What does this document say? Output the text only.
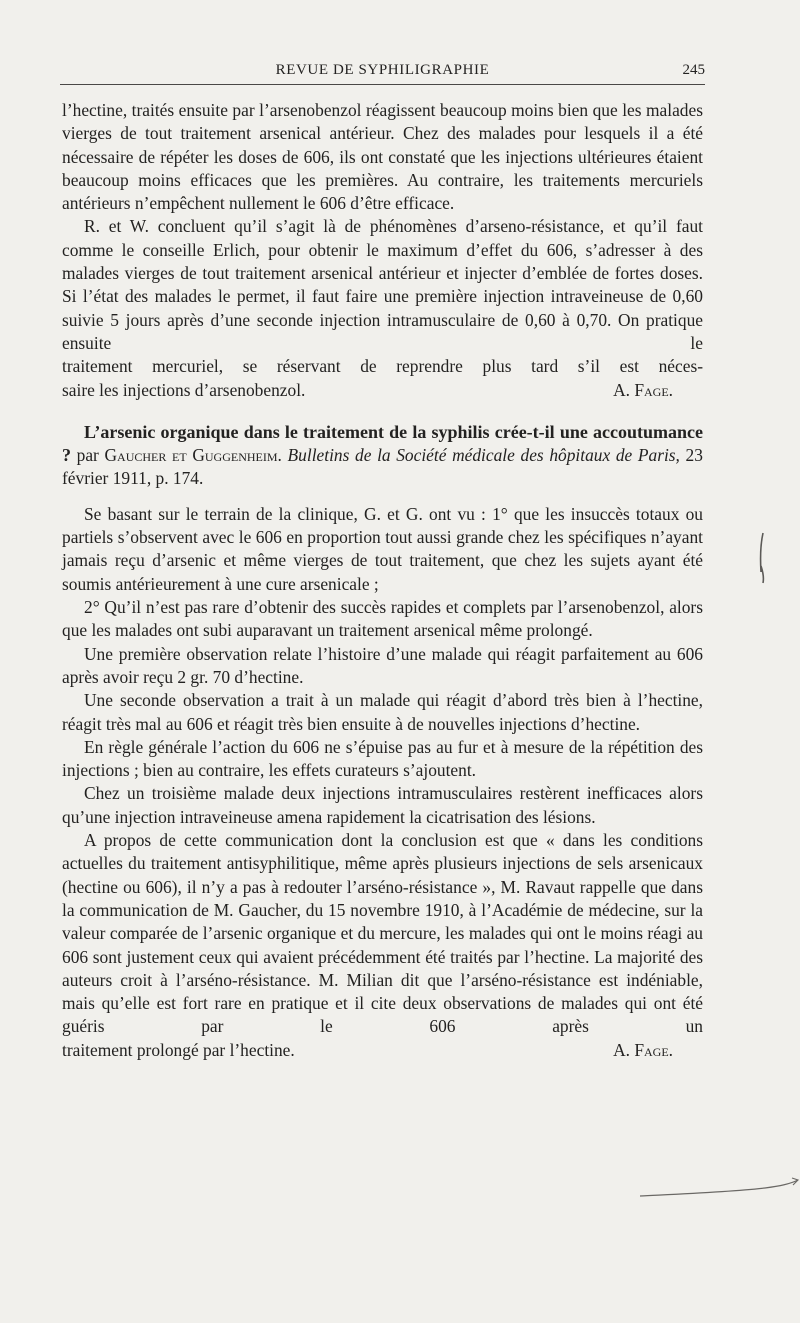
REVUE DE SYPHILIGRAPHIE	245

l’hectine, traités ensuite par l’arsenobenzol réagissent beaucoup moins bien que les malades vierges de tout traitement arsenical antérieur. Chez des malades pour lesquels il a été nécessaire de répéter les doses de 606, ils ont constaté que les injections ultérieures étaient beaucoup moins efficaces que les premières. Au contraire, les traitements mercuriels antérieurs n’empêchent nullement le 606 d’être efficace.

R. et W. concluent qu’il s’agit là de phénomènes d’arseno-résistance, et qu’il faut comme le conseille Erlich, pour obtenir le maximum d’effet du 606, s’adresser à des malades vierges de tout traitement arsenical antérieur et injecter d’emblée de fortes doses. Si l’état des malades le permet, il faut faire une première injection intraveineuse de 0,60 suivie 5 jours après d’une seconde injection intramusculaire de 0,60 à 0,70. On pratique ensuite le

traitement mercuriel, se réservant de reprendre plus tard s’il est néces-

saire les injections d’arsenobenzol.	A. Fage.
L’arsenic organique dans le traitement de la syphilis crée-t-il une accoutumance ? par Gaucher et Guggenheim. Bulletins de la Société médicale des hôpitaux de Paris, 23 février 1911, p. 174.

Se basant sur le terrain de la clinique, G. et G. ont vu : 1° que les insuccès totaux ou partiels s’observent avec le 606 en proportion tout aussi grande chez les spécifiques n’ayant jamais reçu d’arsenic et même vierges de tout traitement, que chez les sujets ayant été soumis antérieurement à une cure arsenicale ;

2° Qu’il n’est pas rare d’obtenir des succès rapides et complets par l’arsenobenzol, alors que les malades ont subi auparavant un traitement arsenical même prolongé.

Une première observation relate l’histoire d’une malade qui réagit parfaitement au 606 après avoir reçu 2 gr. 70 d’hectine.

Une seconde observation a trait à un malade qui réagit d’abord très bien à l’hectine, réagit très mal au 606 et réagit très bien ensuite à de nouvelles injections d’hectine.

En règle générale l’action du 606 ne s’épuise pas au fur et à mesure de la répétition des injections ; bien au contraire, les effets curateurs s’ajoutent.

Chez un troisième malade deux injections intramusculaires restèrent inefficaces alors qu’une injection intraveineuse amena rapidement la cicatrisation des lésions.

A propos de cette communication dont la conclusion est que « dans les conditions actuelles du traitement antisyphilitique, même après plusieurs injections de sels arsenicaux (hectine ou 606), il n’y a pas à redouter l’arséno-résistance », M. Ravaut rappelle que dans la communication de M. Gaucher, du 15 novembre 1910, à l’Académie de médecine, sur la valeur comparée de l’arsenic organique et du mercure, les malades qui ont le moins réagi au 606 sont justement ceux qui avaient précédemment été traités par l’hectine. La majorité des auteurs croit à l’arséno-résistance. M. Milian dit que l’arséno-résistance est indéniable, mais qu’elle est fort rare en pratique et il cite deux observations de malades qui ont été guéris par le 606 après un

traitement prolongé par l’hectine.	A. Fage.
